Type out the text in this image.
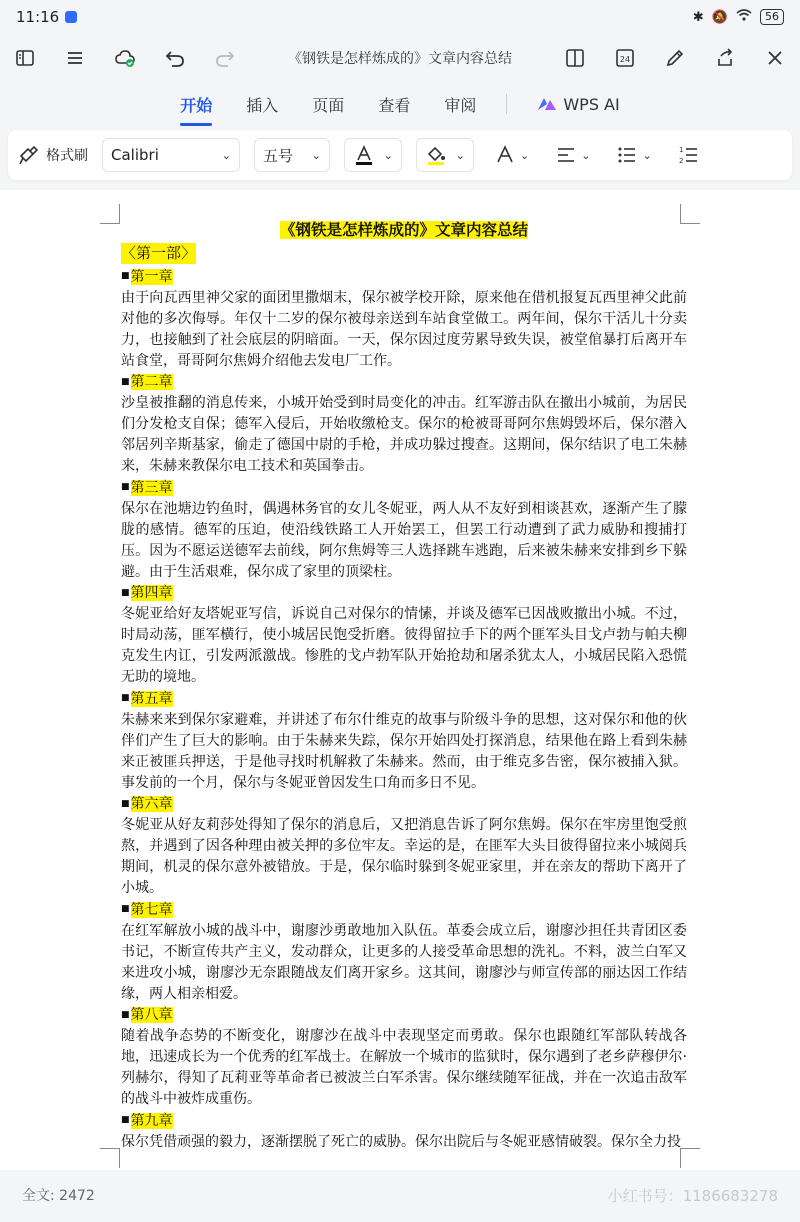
11:16	✱ 🔕	56
《钢铁是怎样炼成的》文章内容总结	24
开始 插入 页面 查看 审阅	WPS AI
格式刷 Calibri	⌄ 五号 ⌄	⌄	⌄	⌄	⌄	⌄	1
2
《钢铁是怎样炼成的》文章内容总结
〈第一部〉
■第一章
由于向瓦西里神父家的面团里撒烟末，保尔被学校开除，原来他在借机报复瓦西里神父此前对他的多次侮辱。年仅十二岁的保尔被母亲送到车站食堂做工。两年间，保尔干活儿十分卖力，也接触到了社会底层的阴暗面。一天，保尔因过度劳累导致失误，被堂倌暴打后离开车站食堂，哥哥阿尔焦姆介绍他去发电厂工作。
■第二章
沙皇被推翻的消息传来，小城开始受到时局变化的冲击。红军游击队在撤出小城前，为居民们分发枪支自保；德军入侵后，开始收缴枪支。保尔的枪被哥哥阿尔焦姆毁坏后，保尔潜入邻居列辛斯基家，偷走了德国中尉的手枪，并成功躲过搜查。这期间，保尔结识了电工朱赫来，朱赫来教保尔电工技术和英国拳击。
■第三章
保尔在池塘边钓鱼时，偶遇林务官的女儿冬妮亚，两人从不友好到相谈甚欢，逐渐产生了朦胧的感情。德军的压迫，使沿线铁路工人开始罢工，但罢工行动遭到了武力威胁和搜捕打压。因为不愿运送德军去前线，阿尔焦姆等三人选择跳车逃跑，后来被朱赫来安排到乡下躲避。由于生活艰难，保尔成了家里的顶梁柱。
■第四章
冬妮亚给好友塔妮亚写信，诉说自己对保尔的情愫，并谈及德军已因战败撤出小城。不过，时局动荡，匪军横行，使小城居民饱受折磨。彼得留拉手下的两个匪军头目戈卢勃与帕夫柳克发生内讧，引发两派激战。惨胜的戈卢勃军队开始抢劫和屠杀犹太人，小城居民陷入恐慌无助的境地。
■第五章
朱赫来来到保尔家避难，并讲述了布尔什维克的故事与阶级斗争的思想，这对保尔和他的伙伴们产生了巨大的影响。由于朱赫来失踪，保尔开始四处打探消息，结果他在路上看到朱赫来正被匪兵押送，于是他寻找时机解救了朱赫来。然而，由于维克多告密，保尔被捕入狱。事发前的一个月，保尔与冬妮亚曾因发生口角而多日不见。
■第六章
冬妮亚从好友莉莎处得知了保尔的消息后，又把消息告诉了阿尔焦姆。保尔在牢房里饱受煎熬，并遇到了因各种理由被关押的多位牢友。幸运的是，在匪军大头目彼得留拉来小城阅兵期间，机灵的保尔意外被错放。于是，保尔临时躲到冬妮亚家里，并在亲友的帮助下离开了小城。
■第七章
在红军解放小城的战斗中，谢廖沙勇敢地加入队伍。革委会成立后，谢廖沙担任共青团区委书记，不断宣传共产主义，发动群众，让更多的人接受革命思想的洗礼。不料，波兰白军又来进攻小城，谢廖沙无奈跟随战友们离开家乡。这其间，谢廖沙与师宣传部的丽达因工作结缘，两人相亲相爱。
■第八章
随着战争态势的不断变化，谢廖沙在战斗中表现坚定而勇敢。保尔也跟随红军部队转战各地，迅速成长为一个优秀的红军战士。在解放一个城市的监狱时，保尔遇到了老乡萨穆伊尔·列赫尔，得知了瓦莉亚等革命者已被波兰白军杀害。保尔继续随军征战，并在一次追击敌军的战斗中被炸成重伤。
■第九章
保尔凭借顽强的毅力，逐渐摆脱了死亡的威胁。保尔出院后与冬妮亚感情破裂。保尔全力投
全文: 2472	小红书号：1186683278
